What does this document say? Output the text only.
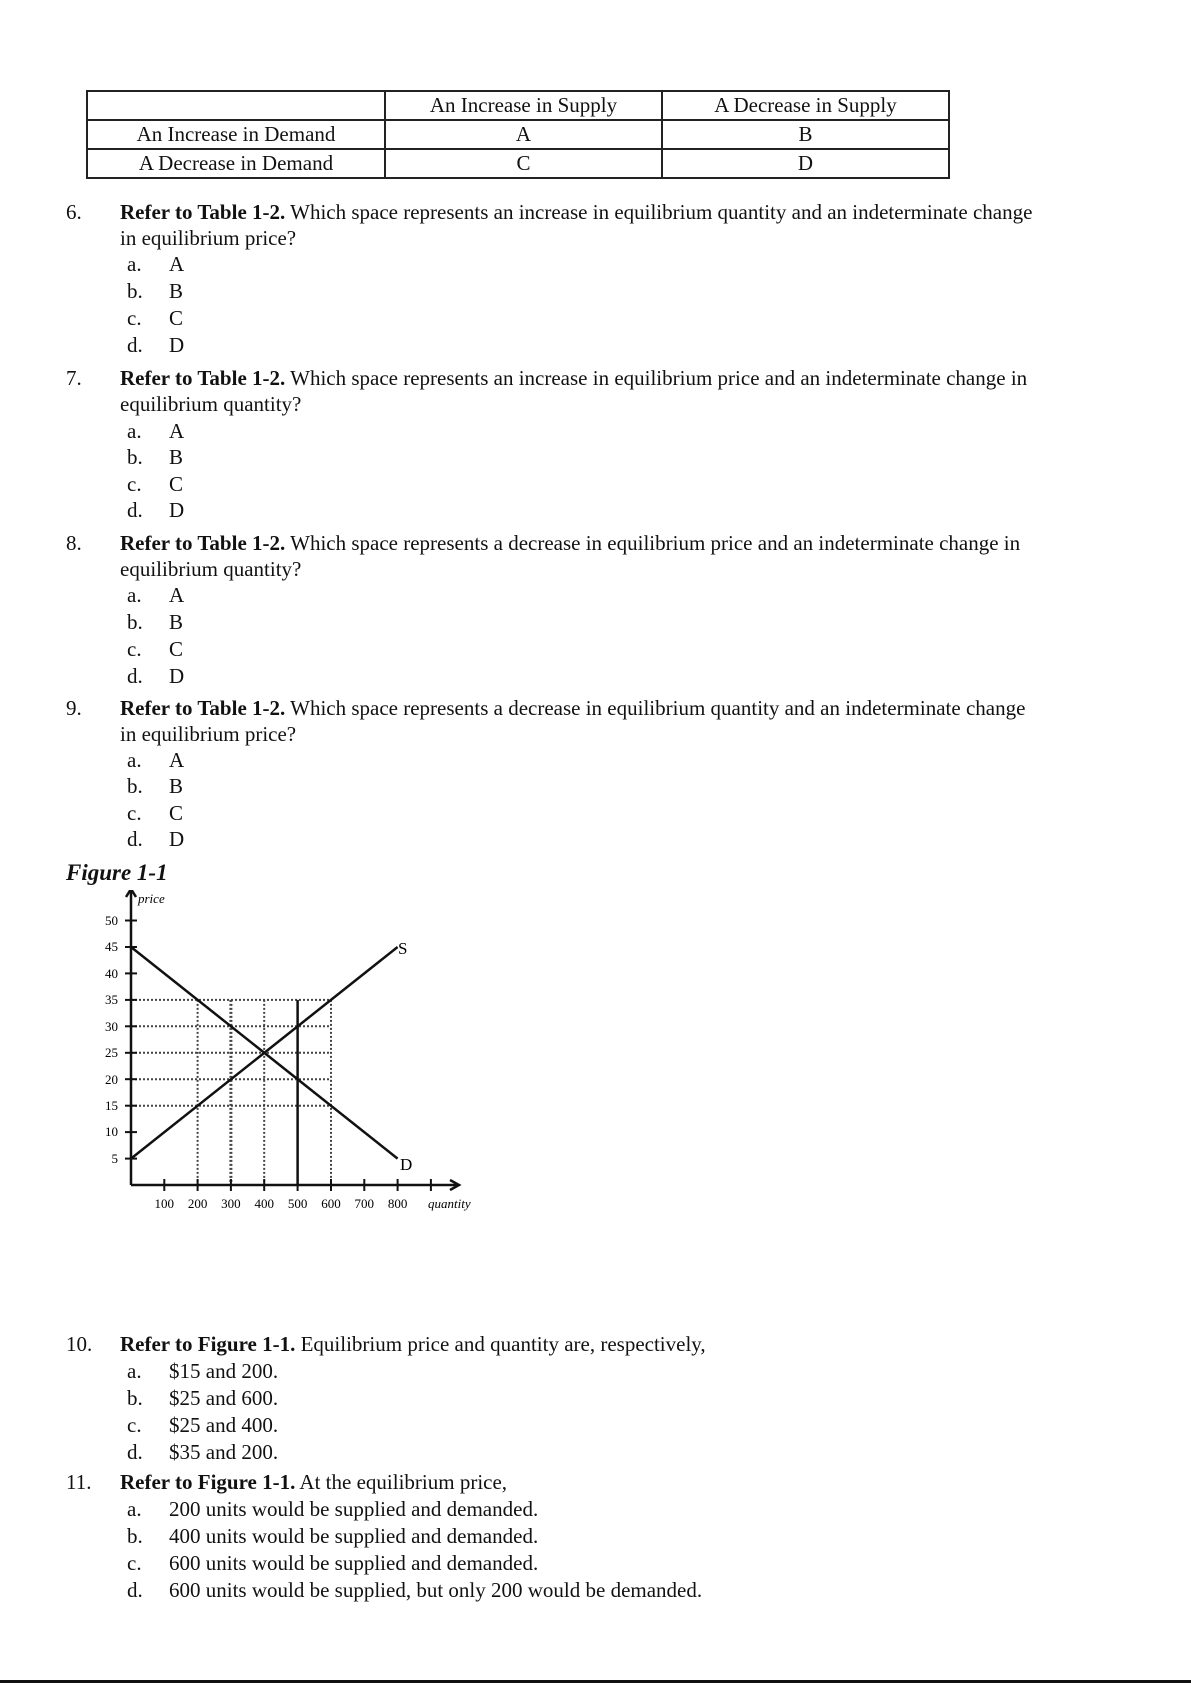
	An Increase in Supply	A Decrease in Supply
An Increase in Demand	A	B
A Decrease in Demand	C	D
6.	Refer to Table 1-2. Which space represents an increase in equilibrium quantity and an indeterminate change
in equilibrium price?
a.	A
b.	B
c.	C
d.	D
7.	Refer to Table 1-2. Which space represents an increase in equilibrium price and an indeterminate change in
equilibrium quantity?
a.	A
b.	B
c.	C
d.	D
8.	Refer to Table 1-2. Which space represents a decrease in equilibrium price and an indeterminate change in
equilibrium quantity?
a.	A
b.	B
c.	C
d.	D
9.	Refer to Table 1-2. Which space represents a decrease in equilibrium quantity and an indeterminate change
in equilibrium price?
a.	A
b.	B
c.	C
d.	D
Figure 1-1
50
45
40
35
30
25
20
15
10
5
price
100 200 300 400 500 600 700 800 quantity
D
S
10.	Refer to Figure 1-1. Equilibrium price and quantity are, respectively,
a.	$15 and 200.
b.	$25 and 600.
c.	$25 and 400.
d.	$35 and 200.
11.	Refer to Figure 1-1. At the equilibrium price,
a.	200 units would be supplied and demanded.
b.	400 units would be supplied and demanded.
c.	600 units would be supplied and demanded.
d.	600 units would be supplied, but only 200 would be demanded.
